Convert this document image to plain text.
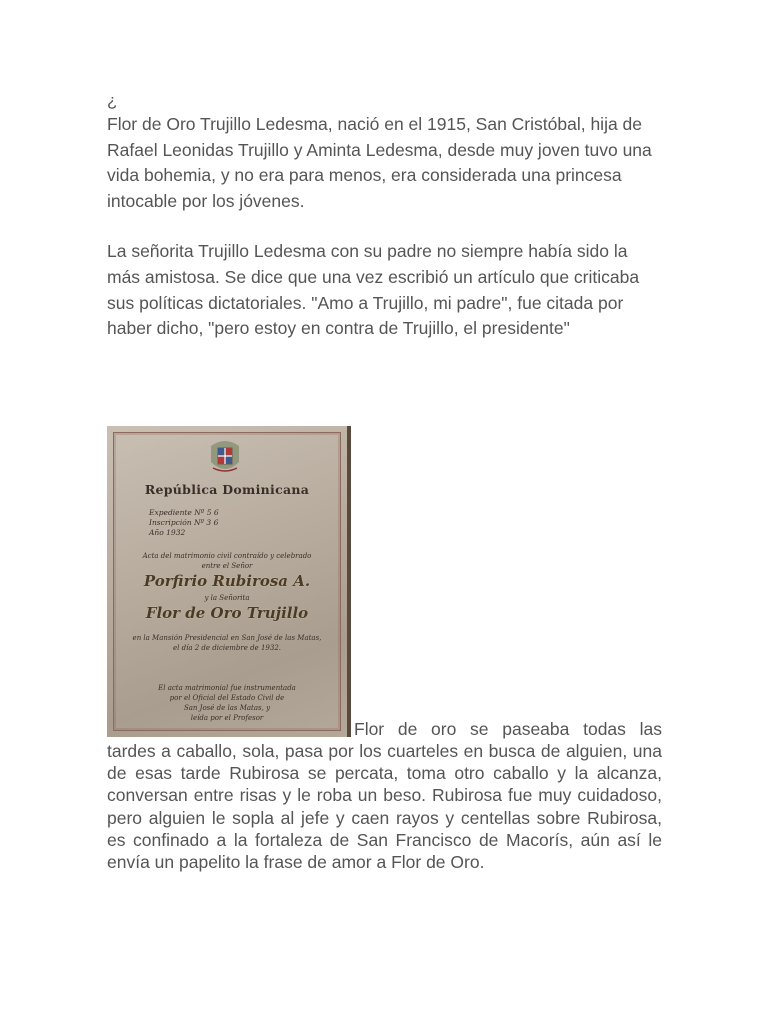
¿

Flor de Oro Trujillo Ledesma, nació en el 1915, San Cristóbal, hija de Rafael Leonidas Trujillo y Aminta Ledesma, desde muy joven tuvo una vida bohemia, y no era para menos, era considerada una princesa intocable por los jóvenes.

La señorita Trujillo Ledesma con su padre no siempre había sido la más amistosa. Se dice que una vez escribió un artículo que criticaba sus políticas dictatoriales. "Amo a Trujillo, mi padre", fue citada por haber dicho, "pero estoy en contra de Trujillo, el presidente"

República Dominicana
Expediente Nº 5 6
Inscripción Nº 3 6
Año 1932
Acta del matrimonio civil contraído y celebrado
entre el Señor
Porfirio Rubirosa A.
y la Señorita
Flor de Oro Trujillo
en la Mansión Presidencial en San José de las Matas,
el día 2 de diciembre de 1932.
El acta matrimonial fue instrumentada
por el Oficial del Estado Civil de
San José de las Matas, y
leída por el Profesor
Flor de oro se paseaba todas las

tardes a caballo, sola, pasa por los cuarteles en busca de alguien, una de esas tarde Rubirosa se percata, toma otro caballo y la alcanza, conversan entre risas y le roba un beso. Rubirosa fue muy cuidadoso, pero alguien le sopla al jefe y caen rayos y centellas sobre Rubirosa, es confinado a la fortaleza de San Francisco de Macorís, aún así le envía un papelito la frase de amor a Flor de Oro.
